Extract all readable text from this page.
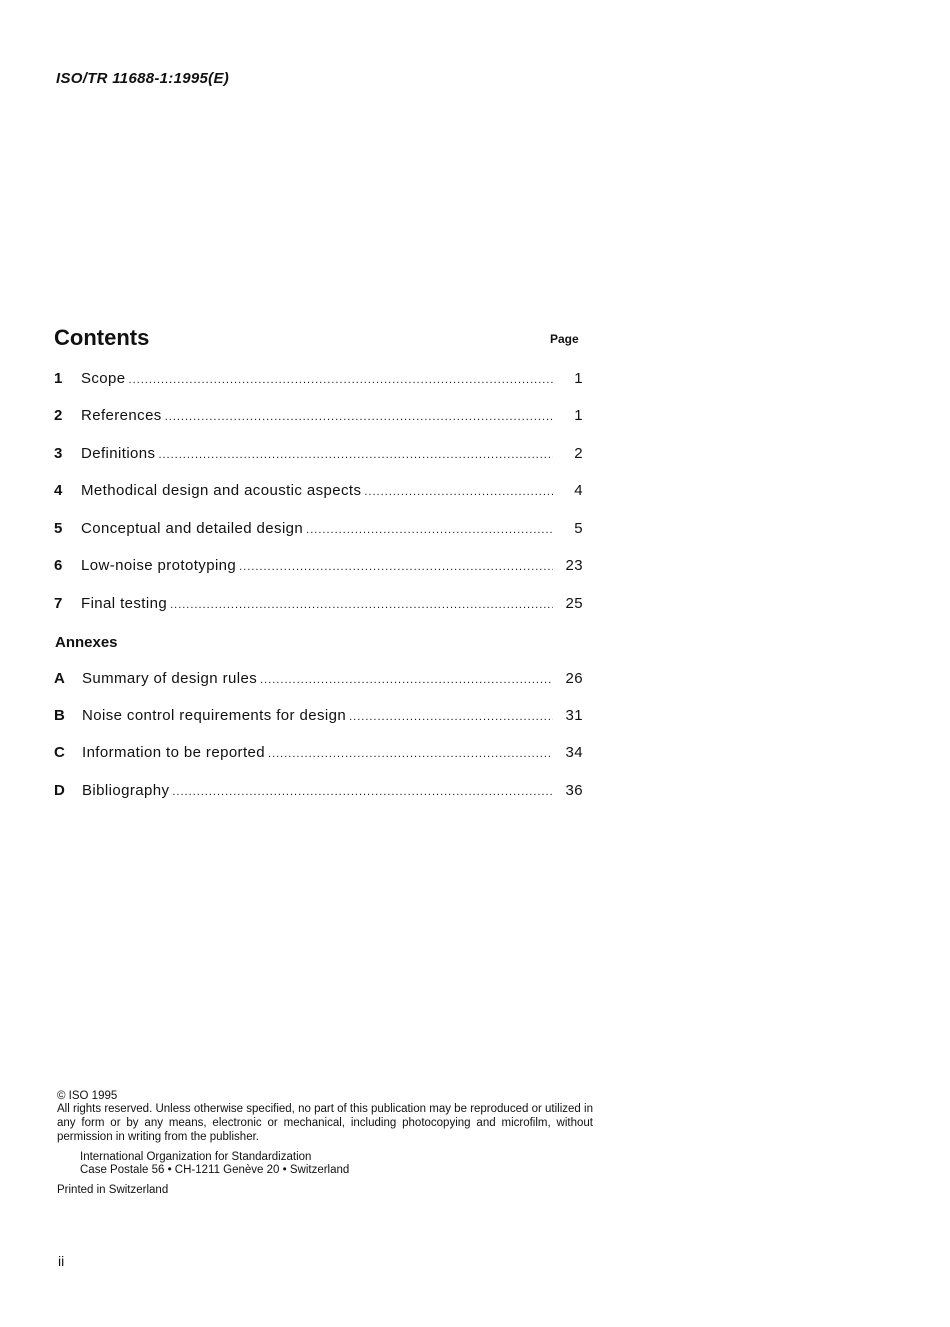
ISO/TR 11688-1:1995(E)
Contents	Page
1	Scope .....	1
2	References .....	1
3	Definitions .....	2
4	Methodical design and acoustic aspects .....	4
5	Conceptual and detailed design .....	5
6	Low-noise prototyping .....	23
7	Final testing .....	25
A	Summary of design rules .....	26
B	Noise control requirements for design .....	31
C	Information to be reported .....	34
D	Bibliography .....	36
Annexes
© ISO 1995
All rights reserved. Unless otherwise specified, no part of this publication may be reproduced or utilized in any form or by any means, electronic or mechanical, including photocopying and microfilm, without permission in writing from the publisher.
International Organization for Standardization
Case Postale 56 • CH-1211 Genève 20 • Switzerland
Printed in Switzerland
ii
